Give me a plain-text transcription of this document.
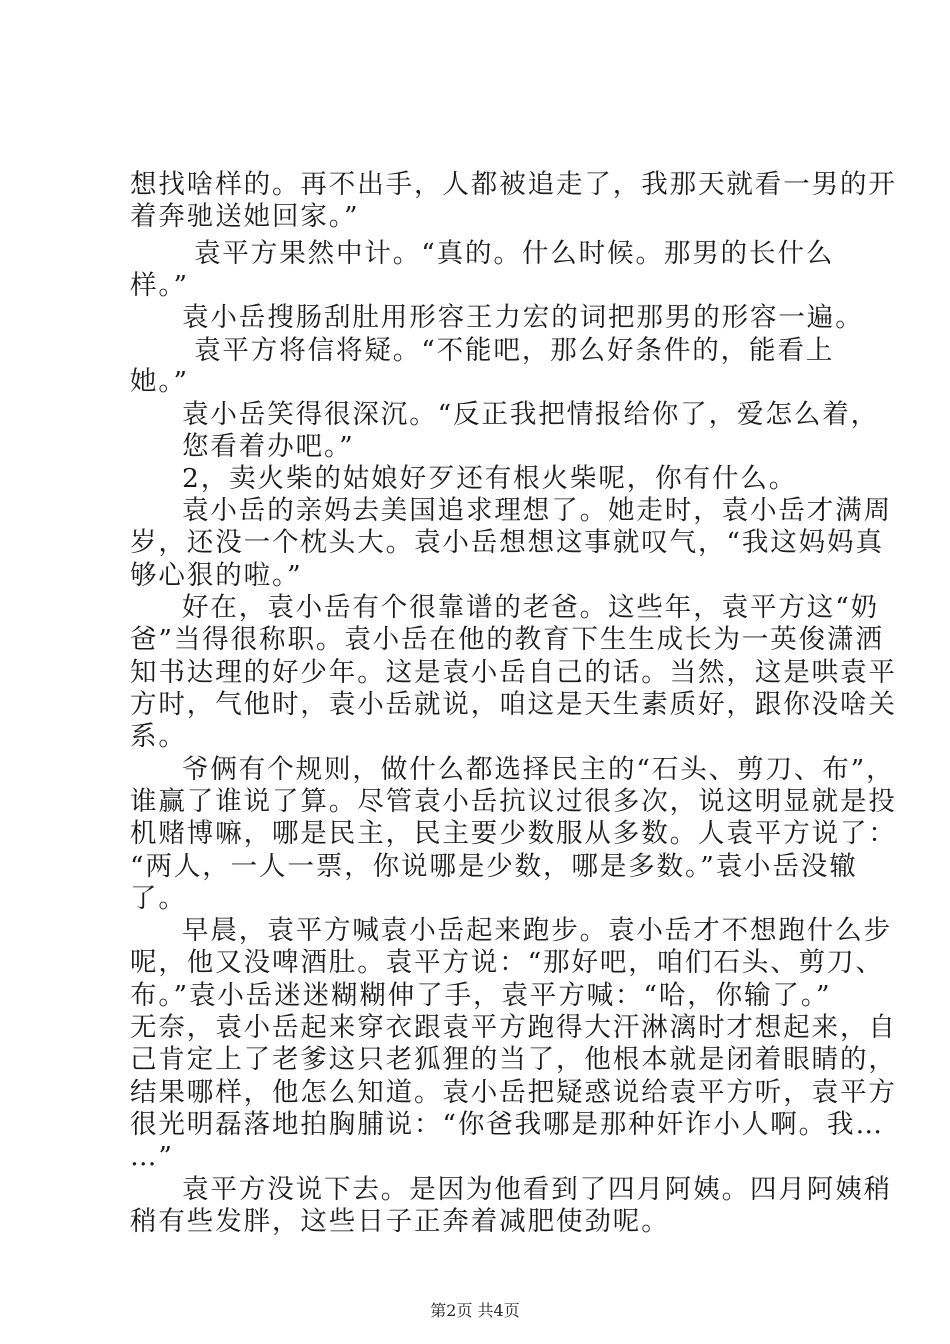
想找啥样的。再不出手，人都被追走了，我那天就看一男的开
着奔驰送她回家。”
袁平方果然中计。“真的。什么时候。那男的长什么
样。”
袁小岳搜肠刮肚用形容王力宏的词把那男的形容一遍。
袁平方将信将疑。“不能吧，那么好条件的，能看上
她。”
袁小岳笑得很深沉。“反正我把情报给你了，爱怎么着，
您看着办吧。”
2，卖火柴的姑娘好歹还有根火柴呢，你有什么。
袁小岳的亲妈去美国追求理想了。她走时，袁小岳才满周
岁，还没一个枕头大。袁小岳想想这事就叹气，“我这妈妈真
够心狠的啦。”
好在，袁小岳有个很靠谱的老爸。这些年，袁平方这“奶
爸”当得很称职。袁小岳在他的教育下生生成长为一英俊潇洒
知书达理的好少年。这是袁小岳自己的话。当然，这是哄袁平
方时，气他时，袁小岳就说，咱这是天生素质好，跟你没啥关
系。
爷俩有个规则，做什么都选择民主的“石头、剪刀、布”，
谁赢了谁说了算。尽管袁小岳抗议过很多次，说这明显就是投
机赌博嘛，哪是民主，民主要少数服从多数。人袁平方说了：
“两人，一人一票，你说哪是少数，哪是多数。”袁小岳没辙
了。
早晨，袁平方喊袁小岳起来跑步。袁小岳才不想跑什么步
呢，他又没啤酒肚。袁平方说：“那好吧，咱们石头、剪刀、
布。”袁小岳迷迷糊糊伸了手，袁平方喊：“哈，你输了。”
无奈，袁小岳起来穿衣跟袁平方跑得大汗淋漓时才想起来，自
己肯定上了老爹这只老狐狸的当了，他根本就是闭着眼睛的，
结果哪样，他怎么知道。袁小岳把疑惑说给袁平方听，袁平方
很光明磊落地拍胸脯说：“你爸我哪是那种奸诈小人啊。我…
…”
袁平方没说下去。是因为他看到了四月阿姨。四月阿姨稍
稍有些发胖，这些日子正奔着减肥使劲呢。
第2页 共4页
